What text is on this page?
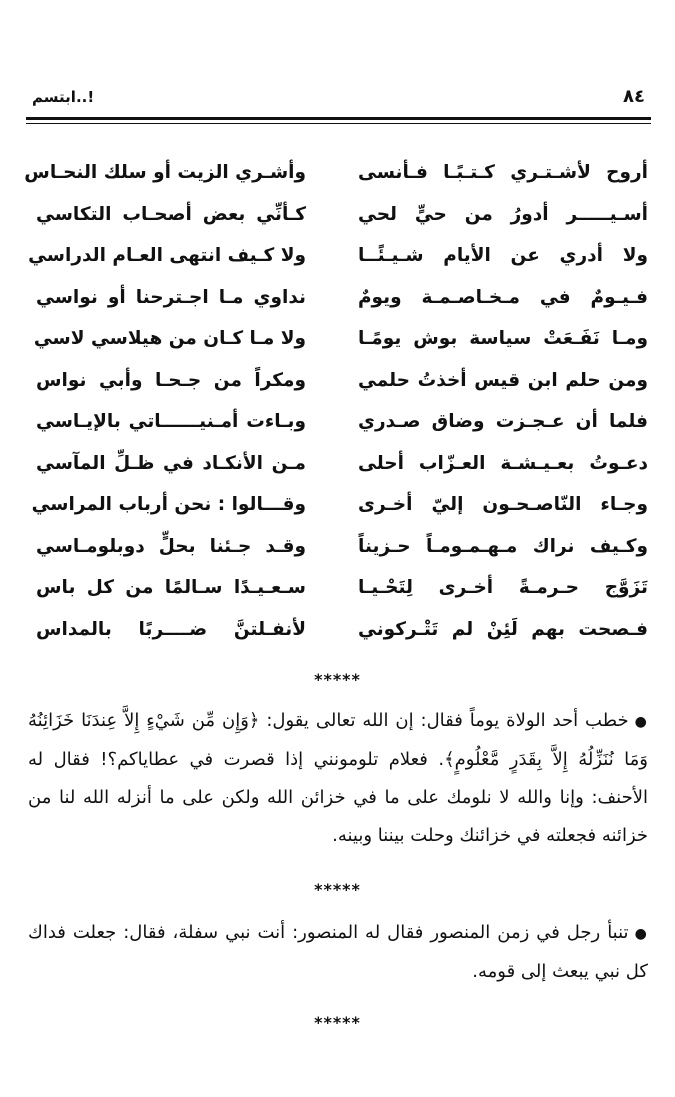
٨٤
ابتسم..!
أروح لأشـتـري كـتـبًـا فـأنسى
وأشـري الزيت أو سلك النحـاس
أسـيـــــر أدورُ من حيٍّ لحي
كـأنِّي بعض أصحـاب التكاسي
ولا أدري عن الأيام شـيـئًــا
ولا كـيف انتهى العـام الدراسي
فـيـومٌ في مـخـاصـمـة ويومٌ
نداوي مـا اجـترحنا أو نواسي
ومـا نَفَـعَتْ سياسة بوش يومًـا
ولا مـا كـان من هيلاسي لاسي
ومن حلم ابن قيس أخذتُ حلمي
ومكراً من جـحـا وأبي نواس
فلما أن عـجـزت وضاق صـدري
وبـاءت أمـنيــــــاتي بالإيـاسي
دعـوتُ بعـيـشـة العـزّاب أحلى
مـن الأنكـاد في ظـلِّ المآسي
وجـاء النّاصـحـون إليّ أخـرى
وقـــالوا : نحن أرباب المراسي
وكـيف نراك مـهـمـومـاً حـزيناً
وقـد جـئنا بحلٍّ دوبلومـاسي
تَزَوَّج حـرمـةً أخـرى لِتَحْـيـا
سـعـيـدًا سـالمًا من كل باس
فـصحت بهم لَئِنْ لم تَتْـركوني
لأنفـلتنَّ ضــــربًا بالمداس
*****
●خطب أحد الولاة يوماً فقال: إن الله تعالى يقول: ﴿وَإِن مِّن شَيْءٍ إِلاَّ عِندَنَا خَزَائِنُهُ وَمَا نُنَزِّلُهُ إِلاَّ بِقَدَرٍ مَّعْلُومٍ﴾. فعلام تلومونني إذا قصرت في عطاياكم؟! فقال له الأحنف: وإنا والله لا نلومك على ما في خزائن الله ولكن على ما أنزله الله لنا من خزائنه فجعلته في خزائنك وحلت بيننا وبينه.
*****
●تنبأ رجل في زمن المنصور فقال له المنصور: أنت نبي سفلة، فقال: جعلت فداك كل نبي يبعث إلى قومه.
*****
